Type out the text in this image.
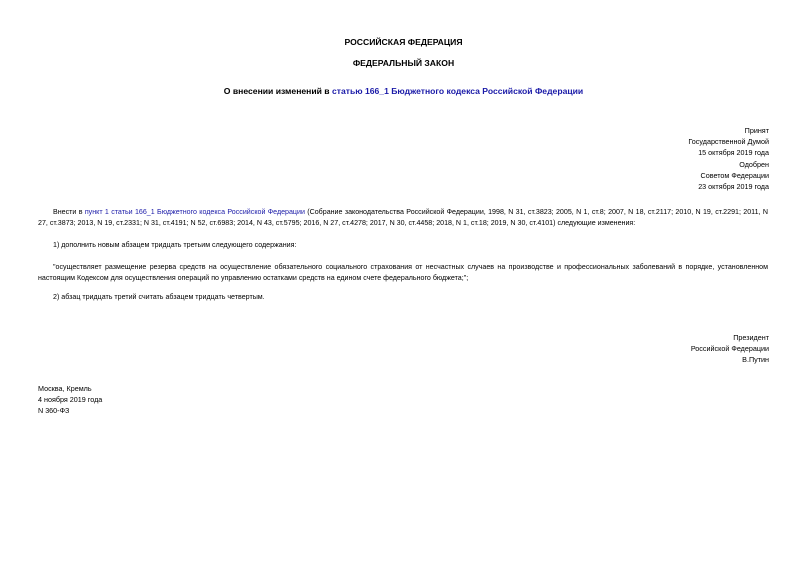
РОССИЙСКАЯ ФЕДЕРАЦИЯ
ФЕДЕРАЛЬНЫЙ ЗАКОН
О внесении изменений в статью 166_1 Бюджетного кодекса Российской Федерации
Принят
Государственной Думой
15 октября 2019 года
Одобрен
Советом Федерации
23 октября 2019 года
Внести в пункт 1 статьи 166_1 Бюджетного кодекса Российской Федерации (Собрание законодательства Российской Федерации, 1998, N 31, ст.3823; 2005, N 1, ст.8; 2007, N 18, ст.2117; 2010, N 19, ст.2291; 2011, N 27, ст.3873; 2013, N 19, ст.2331; N 31, ст.4191; N 52, ст.6983; 2014, N 43, ст.5795; 2016, N 27, ст.4278; 2017, N 30, ст.4458; 2018, N 1, ст.18; 2019, N 30, ст.4101) следующие изменения:
1) дополнить новым абзацем тридцать третьим следующего содержания:
"осуществляет размещение резерва средств на осуществление обязательного социального страхования от несчастных случаев на производстве и профессиональных заболеваний в порядке, установленном настоящим Кодексом для осуществления операций по управлению остатками средств на едином счете федерального бюджета;";
2) абзац тридцать третий считать абзацем тридцать четвертым.
Президент
Российской Федерации
В.Путин
Москва, Кремль
4 ноября 2019 года
N 360-ФЗ
